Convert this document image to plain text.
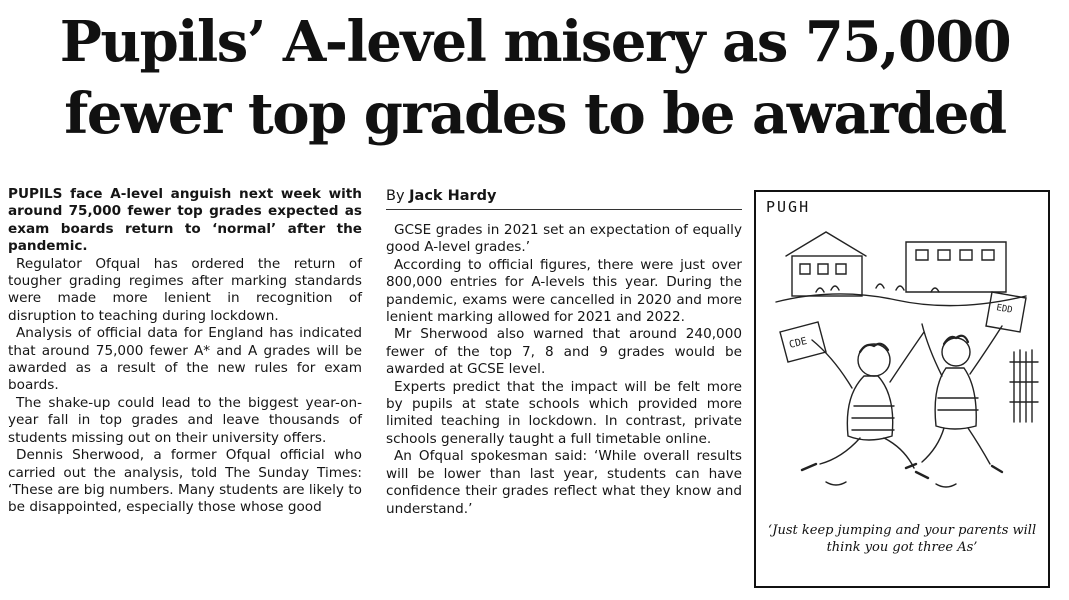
Pupils’ A-level misery as 75,000
fewer top grades to be awarded

PUPILS face A-level anguish next week with around 75,000 fewer top grades expected as exam boards return to ‘normal’ after the pandemic.

Regulator Ofqual has ordered the return of tougher grading regimes after marking standards were made more lenient in recognition of disruption to teaching during lockdown.

Analysis of official data for England has indicated that around 75,000 fewer A* and A grades will be awarded as a result of the new rules for exam boards.

The shake-up could lead to the biggest year-on-year fall in top grades and leave thousands of students missing out on their university offers.

Dennis Sherwood, a former Ofqual official who carried out the analysis, told The Sunday Times: ‘These are big numbers. Many students are likely to be disappointed, especially those whose good

By Jack Hardy

GCSE grades in 2021 set an expectation of equally good A-level grades.’

According to official figures, there were just over 800,000 entries for A-levels this year. During the pandemic, exams were cancelled in 2020 and more lenient marking allowed for 2021 and 2022.

Mr Sherwood also warned that around 240,000 fewer of the top 7, 8 and 9 grades would be awarded at GCSE level.

Experts predict that the impact will be felt more by pupils at state schools which provided more limited teaching in lockdown. In contrast, private schools generally taught a full timetable online.

An Ofqual spokesman said: ‘While overall results will be lower than last year, students can have confidence their grades reflect what they know and understand.’

CDE
EDD
PUGH
‘Just keep jumping and your parents will think you got three As’
